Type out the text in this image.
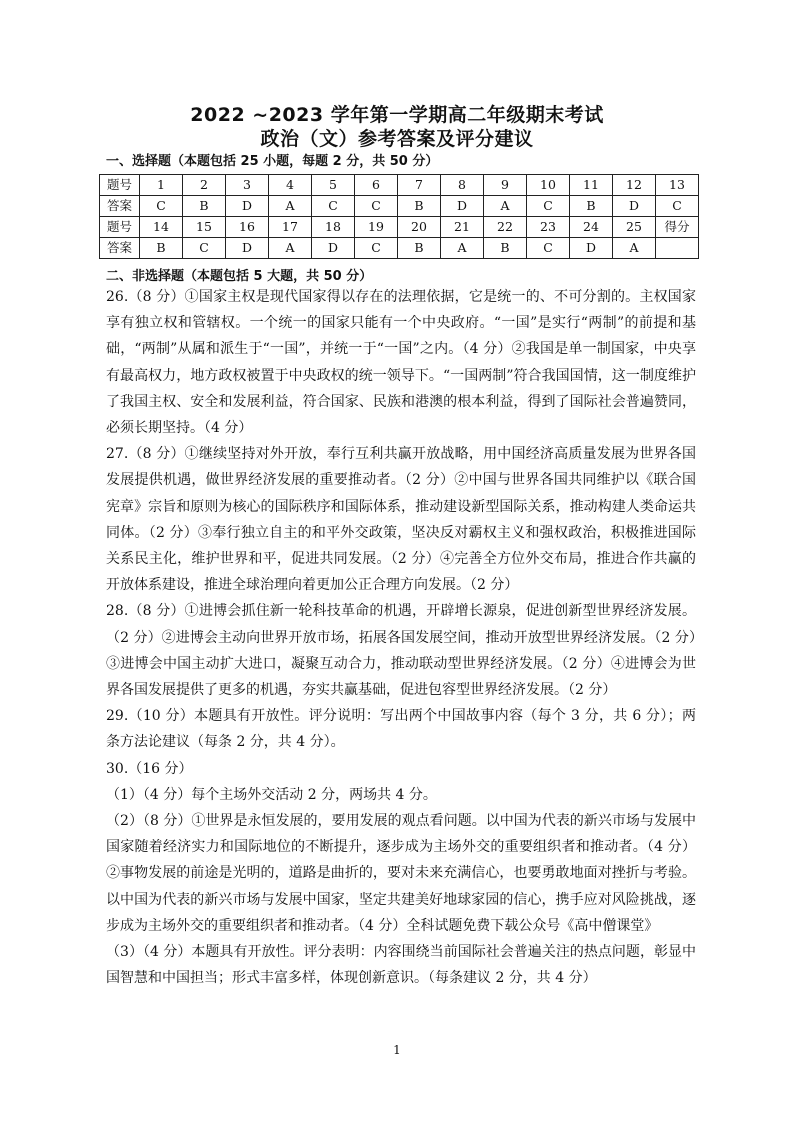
2022 ~2023 学年第一学期高二年级期末考试
政治（文）参考答案及评分建议
一、选择题（本题包括 25 小题，每题 2 分，共 50 分）
题号	1	2	3	4	5	6	7	8	9	10	11	12	13
答案	C	B	D	A	C	C	B	D	A	C	B	D	C
题号	14	15	16	17	18	19	20	21	22	23	24	25	得分
答案	B	C	D	A	D	C	B	A	B	C	D	A	
二、非选择题（本题包括 5 大题，共 50 分）

26.（8 分）①国家主权是现代国家得以存在的法理依据，它是统一的、不可分割的。主权国家享有独立权和管辖权。一个统一的国家只能有一个中央政府。“一国”是实行“两制”的前提和基础，“两制”从属和派生于“一国”，并统一于“一国”之内。（4 分）②我国是单一制国家，中央享有最高权力，地方政权被置于中央政权的统一领导下。“一国两制”符合我国国情，这一制度维护了我国主权、安全和发展利益，符合国家、民族和港澳的根本利益，得到了国际社会普遍赞同，必须长期坚持。（4 分）

27.（8 分）①继续坚持对外开放，奉行互利共赢开放战略，用中国经济高质量发展为世界各国发展提供机遇，做世界经济发展的重要推动者。（2 分）②中国与世界各国共同维护以《联合国宪章》宗旨和原则为核心的国际秩序和国际体系，推动建设新型国际关系，推动构建人类命运共同体。（2 分）③奉行独立自主的和平外交政策，坚决反对霸权主义和强权政治，积极推进国际关系民主化，维护世界和平，促进共同发展。（2 分）④完善全方位外交布局，推进合作共赢的开放体系建设，推进全球治理向着更加公正合理方向发展。（2 分）

28.（8 分）①进博会抓住新一轮科技革命的机遇，开辟增长源泉，促进创新型世界经济发展。（2 分）②进博会主动向世界开放市场，拓展各国发展空间，推动开放型世界经济发展。（2 分）③进博会中国主动扩大进口，凝聚互动合力，推动联动型世界经济发展。（2 分）④进博会为世界各国发展提供了更多的机遇，夯实共赢基础，促进包容型世界经济发展。（2 分）

29.（10 分）本题具有开放性。评分说明：写出两个中国故事内容（每个 3 分，共 6 分）；两条方法论建议（每条 2 分，共 4 分）。

30.（16 分）

（1）（4 分）每个主场外交活动 2 分，两场共 4 分。

（2）（8 分）①世界是永恒发展的，要用发展的观点看问题。以中国为代表的新兴市场与发展中国家随着经济实力和国际地位的不断提升，逐步成为主场外交的重要组织者和推动者。（4 分）②事物发展的前途是光明的，道路是曲折的，要对未来充满信心，也要勇敢地面对挫折与考验。以中国为代表的新兴市场与发展中国家，坚定共建美好地球家园的信心，携手应对风险挑战，逐步成为主场外交的重要组织者和推动者。（4 分）全科试题免费下载公众号《高中僧课堂》

（3）（4 分）本题具有开放性。评分表明：内容围绕当前国际社会普遍关注的热点问题，彰显中国智慧和中国担当；形式丰富多样，体现创新意识。（每条建议 2 分，共 4 分）

1
